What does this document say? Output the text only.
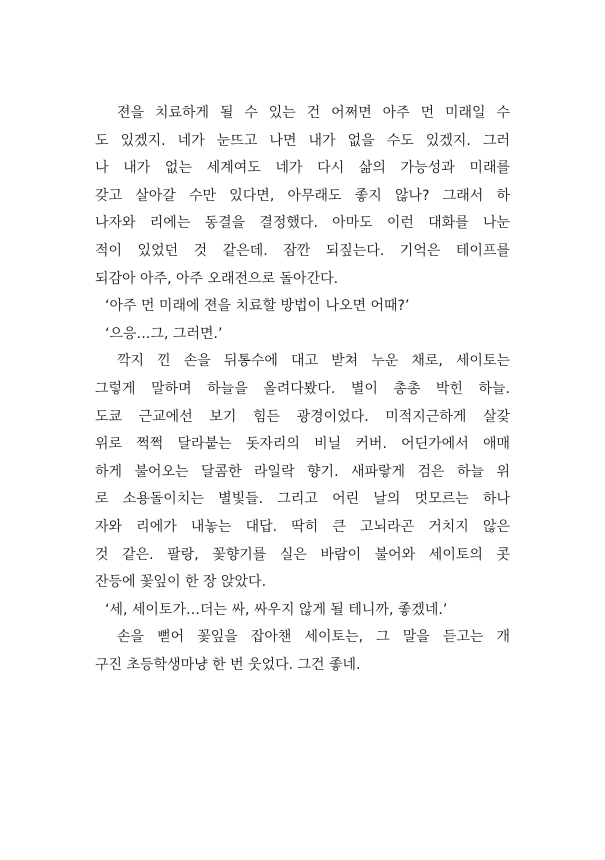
젼을 치료하게 될 수 있는 건 어쩌면 아주 먼 미래일 수
도 있겠지. 네가 눈뜨고 나면 내가 없을 수도 있겠지. 그러
나 내가 없는 세계여도 네가 다시 삶의 가능성과 미래를
갖고 살아갈 수만 있다면, 아무래도 좋지 않나? 그래서 하
나자와 리에는 동결을 결정했다. 아마도 이런 대화를 나눈
적이 있었던 것 같은데. 잠깐 되짚는다. 기억은 테이프를
되감아 아주, 아주 오래전으로 돌아간다.
‘아주 먼 미래에 젼을 치료할 방법이 나오면 어때?’
‘으응…그, 그러면.’
깍지 낀 손을 뒤통수에 대고 받쳐 누운 채로, 세이토는
그렇게 말하며 하늘을 올려다봤다. 별이 총총 박힌 하늘.
도쿄 근교에선 보기 힘든 광경이었다. 미적지근하게 살갗
위로 쩍쩍 달라붙는 돗자리의 비닐 커버. 어딘가에서 애매
하게 불어오는 달콤한 라일락 향기. 새파랗게 검은 하늘 위
로 소용돌이치는 별빛들. 그리고 어린 날의 멋모르는 하나
자와 리에가 내놓는 대답. 딱히 큰 고뇌라곤 거치지 않은
것 같은. 팔랑, 꽃향기를 실은 바람이 불어와 세이토의 콧
잔등에 꽃잎이 한 장 앉았다.
‘세, 세이토가…더는 싸, 싸우지 않게 될 테니까, 좋겠네.’
손을 뻗어 꽃잎을 잡아챈 세이토는, 그 말을 듣고는 개
구진 초등학생마냥 한 번 웃었다. 그건 좋네.
